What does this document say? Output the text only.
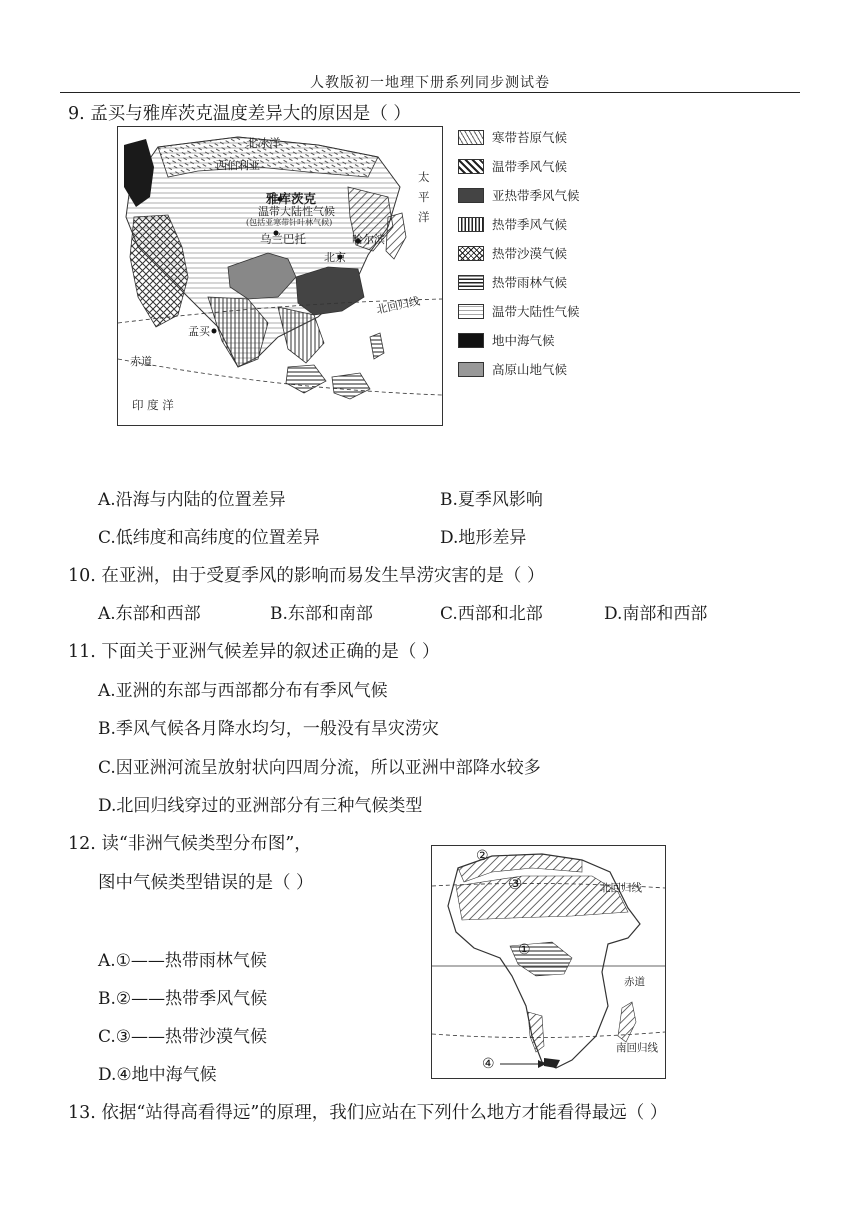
人教版初一地理下册系列同步测试卷
9. 孟买与雅库茨克温度差异大的原因是（ ）
北冰洋
西伯利亚
雅库茨克
温带大陆性气候
(包括亚寒带针叶林气候)
乌兰巴托	哈尔滨
北京
太
平
洋
北回归线
孟买
赤道
印 度 洋
寒带苔原气候
温带季风气候
亚热带季风气候
热带季风气候
热带沙漠气候
热带雨林气候
温带大陆性气候
地中海气候
高原山地气候
A.沿海与内陆的位置差异	B.夏季风影响
C.低纬度和高纬度的位置差异	D.地形差异
10. 在亚洲，由于受夏季风的影响而易发生旱涝灾害的是（ ）
A.东部和西部	B.东部和南部	C.西部和北部	D.南部和西部
11. 下面关于亚洲气候差异的叙述正确的是（ ）
A.亚洲的东部与西部都分布有季风气候
B.季风气候各月降水均匀，一般没有旱灾涝灾
C.因亚洲河流呈放射状向四周分流，所以亚洲中部降水较多
D.北回归线穿过的亚洲部分有三种气候类型
12. 读“非洲气候类型分布图”，
图中气候类型错误的是（ ）
A.①——热带雨林气候
B.②——热带季风气候
C.③——热带沙漠气候
D.④地中海气候
②
③
①
④
北回归线
赤道
南回归线
13. 依据“站得高看得远”的原理，我们应站在下列什么地方才能看得最远（ ）
